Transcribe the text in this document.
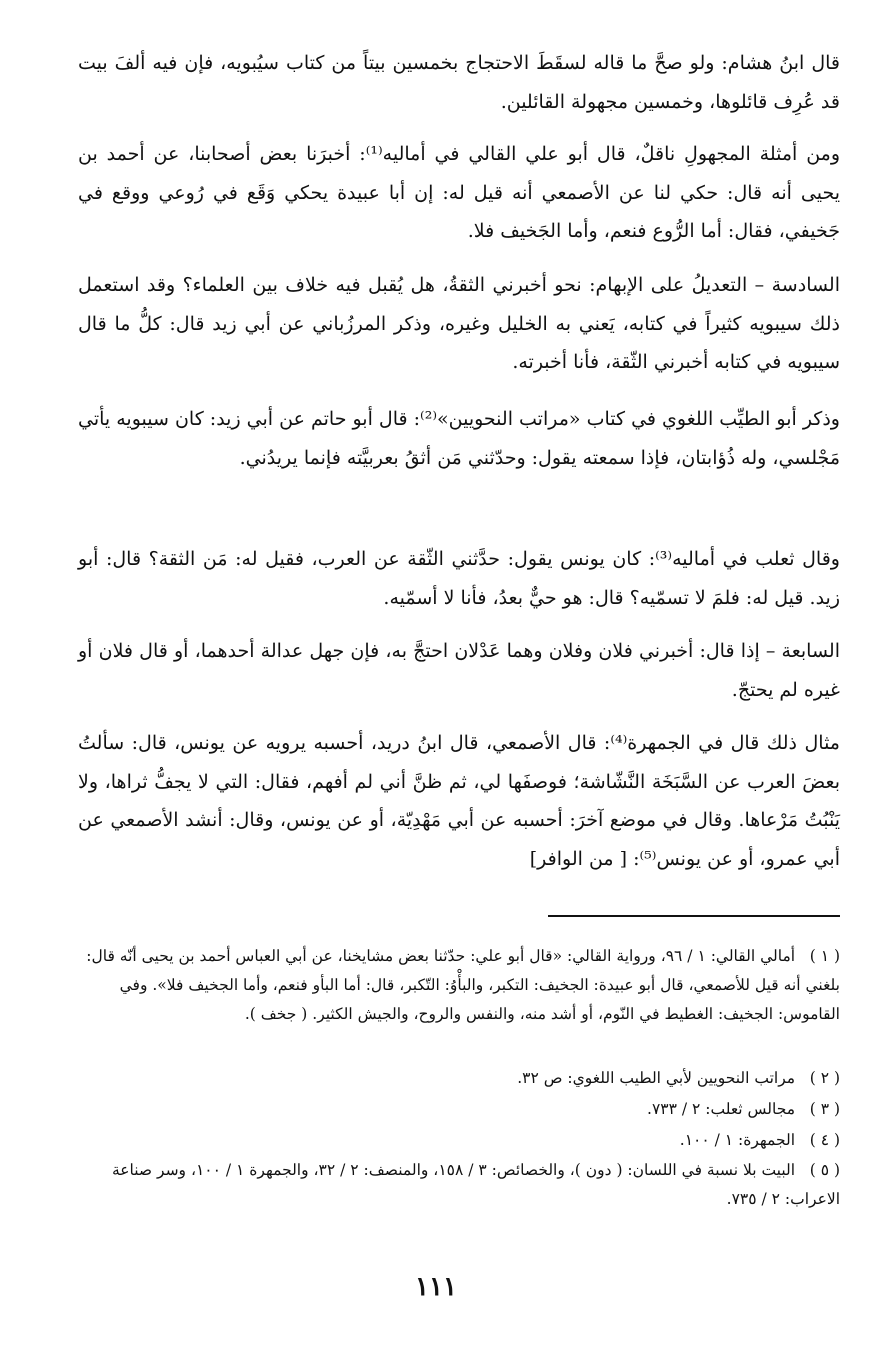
قال ابنُ هشام: ولو صحَّ ما قاله لسقَطَ الاحتجاج بخمسين بيتاً من كتاب سيُبويه، فإن فيه ألفَ بيت قد عُرِف قائلوها، وخمسين مجهولة القائلين.

ومن أمثلة المجهولِ ناقلٌ، قال أبو علي القالي في أماليه⁽¹⁾: أخبرَنا بعض أصحابنا، عن أحمد بن يحيى أنه قال: حكي لنا عن الأصمعي أنه قيل له: إن أبا عبيدة يحكي وَقَع في رُوعي ووقع في جَخيفي، فقال: أما الرُّوع فنعم، وأما الجَخيف فلا.

السادسة – التعديلُ على الإبهام: نحو أخبرني الثقةُ، هل يُقبل فيه خلاف بين العلماء؟ وقد استعمل ذلك سيبويه كثيراً في كتابه، يَعني به الخليل وغيره، وذكر المرزُباني عن أبي زيد قال: كلُّ ما قال سيبويه في كتابه أخبرني الثّقة، فأنا أخبرته.

وذكر أبو الطيِّب اللغوي في كتاب «مراتب النحويين»⁽²⁾: قال أبو حاتم عن أبي زيد: كان سيبويه يأتي مَجْلسي، وله ذُؤابتان، فإذا سمعته يقول: وحدّثني مَن أثقُ بعربيَّته فإنما يريدُني.

وقال ثعلب في أماليه⁽³⁾: كان يونس يقول: حدَّثني الثّقة عن العرب، فقيل له: مَن الثقة؟ قال: أبو زيد. قيل له: فلمَ لا تسمّيه؟ قال: هو حيٌّ بعدُ، فأنا لا أسمّيه.

السابعة – إذا قال: أخبرني فلان وفلان وهما عَدْلان احتجَّ به، فإن جهل عدالة أحدهما، أو قال فلان أو غيره لم يحتجّ.

مثال ذلك قال في الجمهرة⁽⁴⁾: قال الأصمعي، قال ابنُ دريد، أحسبه يرويه عن يونس، قال: سألتُ بعضَ العرب عن السَّبَخَة النَّشّاشة؛ فوصفَها لي، ثم ظنَّ أني لم أفهم، فقال: التي لا يجفُّ ثراها، ولا يَنْبُتُ مَرْعاها. وقال في موضع آخرَ: أحسبه عن أبي مَهْدِيّة، أو عن يونس، وقال: أنشد الأصمعي عن أبي عمرو، أو عن يونس⁽⁵⁾: [ من الوافر]

( ١ ) أمالي القالي: ١ / ٩٦، ورواية القالي: «قال أبو علي: حدّثنا بعض مشايخنا، عن أبي العباس أحمد بن يحيى أنّه قال: بلغني أنه قيل للأصمعي، قال أبو عبيدة: الجخيف: التكبر، والبأْوُ: التّكبر، قال: أما البأو فنعم، وأما الجخيف فلا». وفي القاموس: الجخيف: الغطيط في النّوم، أو أشد منه، والنفس والروح، والجيش الكثير. ( جخف ).

( ٢ ) مراتب النحويين لأبي الطيب اللغوي: ص ٣٢.

( ٣ ) مجالس ثعلب: ٢ / ٧٣٣.

( ٤ ) الجمهرة: ١ / ١٠٠.

( ٥ ) البيت بلا نسبة في اللسان: ( دون )، والخصائص: ٣ / ١٥٨، والمنصف: ٢ / ٣٢، والجمهرة ١ / ١٠٠، وسر صناعة الاعراب: ٢ / ٧٣٥.

١١١
